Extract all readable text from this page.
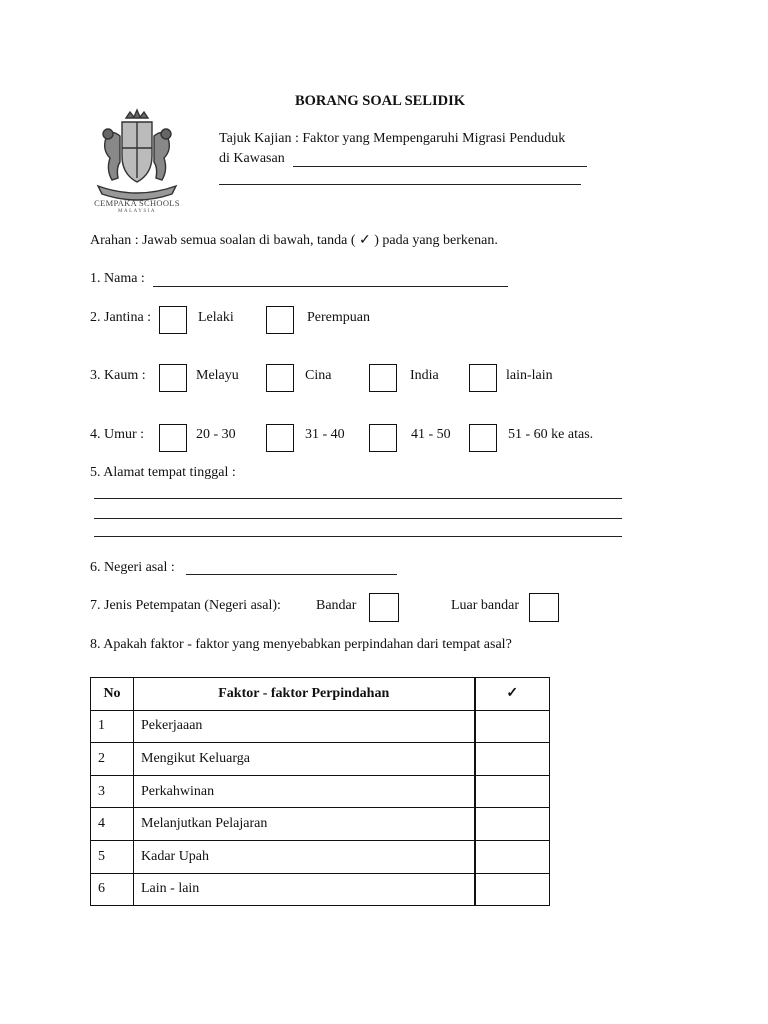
BORANG SOAL SELIDIK
CEMPAKA SCHOOLS
MALAYSIA
Tajuk Kajian : Faktor yang Mempengaruhi Migrasi Penduduk
di Kawasan
Arahan : Jawab semua soalan di bawah, tanda ( ✓ ) pada yang berkenan.
1. Nama :
2. Jantina :	Lelaki	Perempuan
3. Kaum :	Melayu	Cina	India	lain-lain
4. Umur :	20 - 30	31 - 40	41 - 50	51 - 60 ke atas.
5. Alamat tempat tinggal :
6. Negeri asal :
7. Jenis Petempatan (Negeri asal):	Bandar	Luar bandar
8. Apakah faktor - faktor yang menyebabkan perpindahan dari tempat asal?
No	Faktor - faktor Perpindahan	✓
1	Pekerjaaan	
2	Mengikut Keluarga	
3	Perkahwinan	
4	Melanjutkan Pelajaran	
5	Kadar Upah	
6	Lain - lain	
